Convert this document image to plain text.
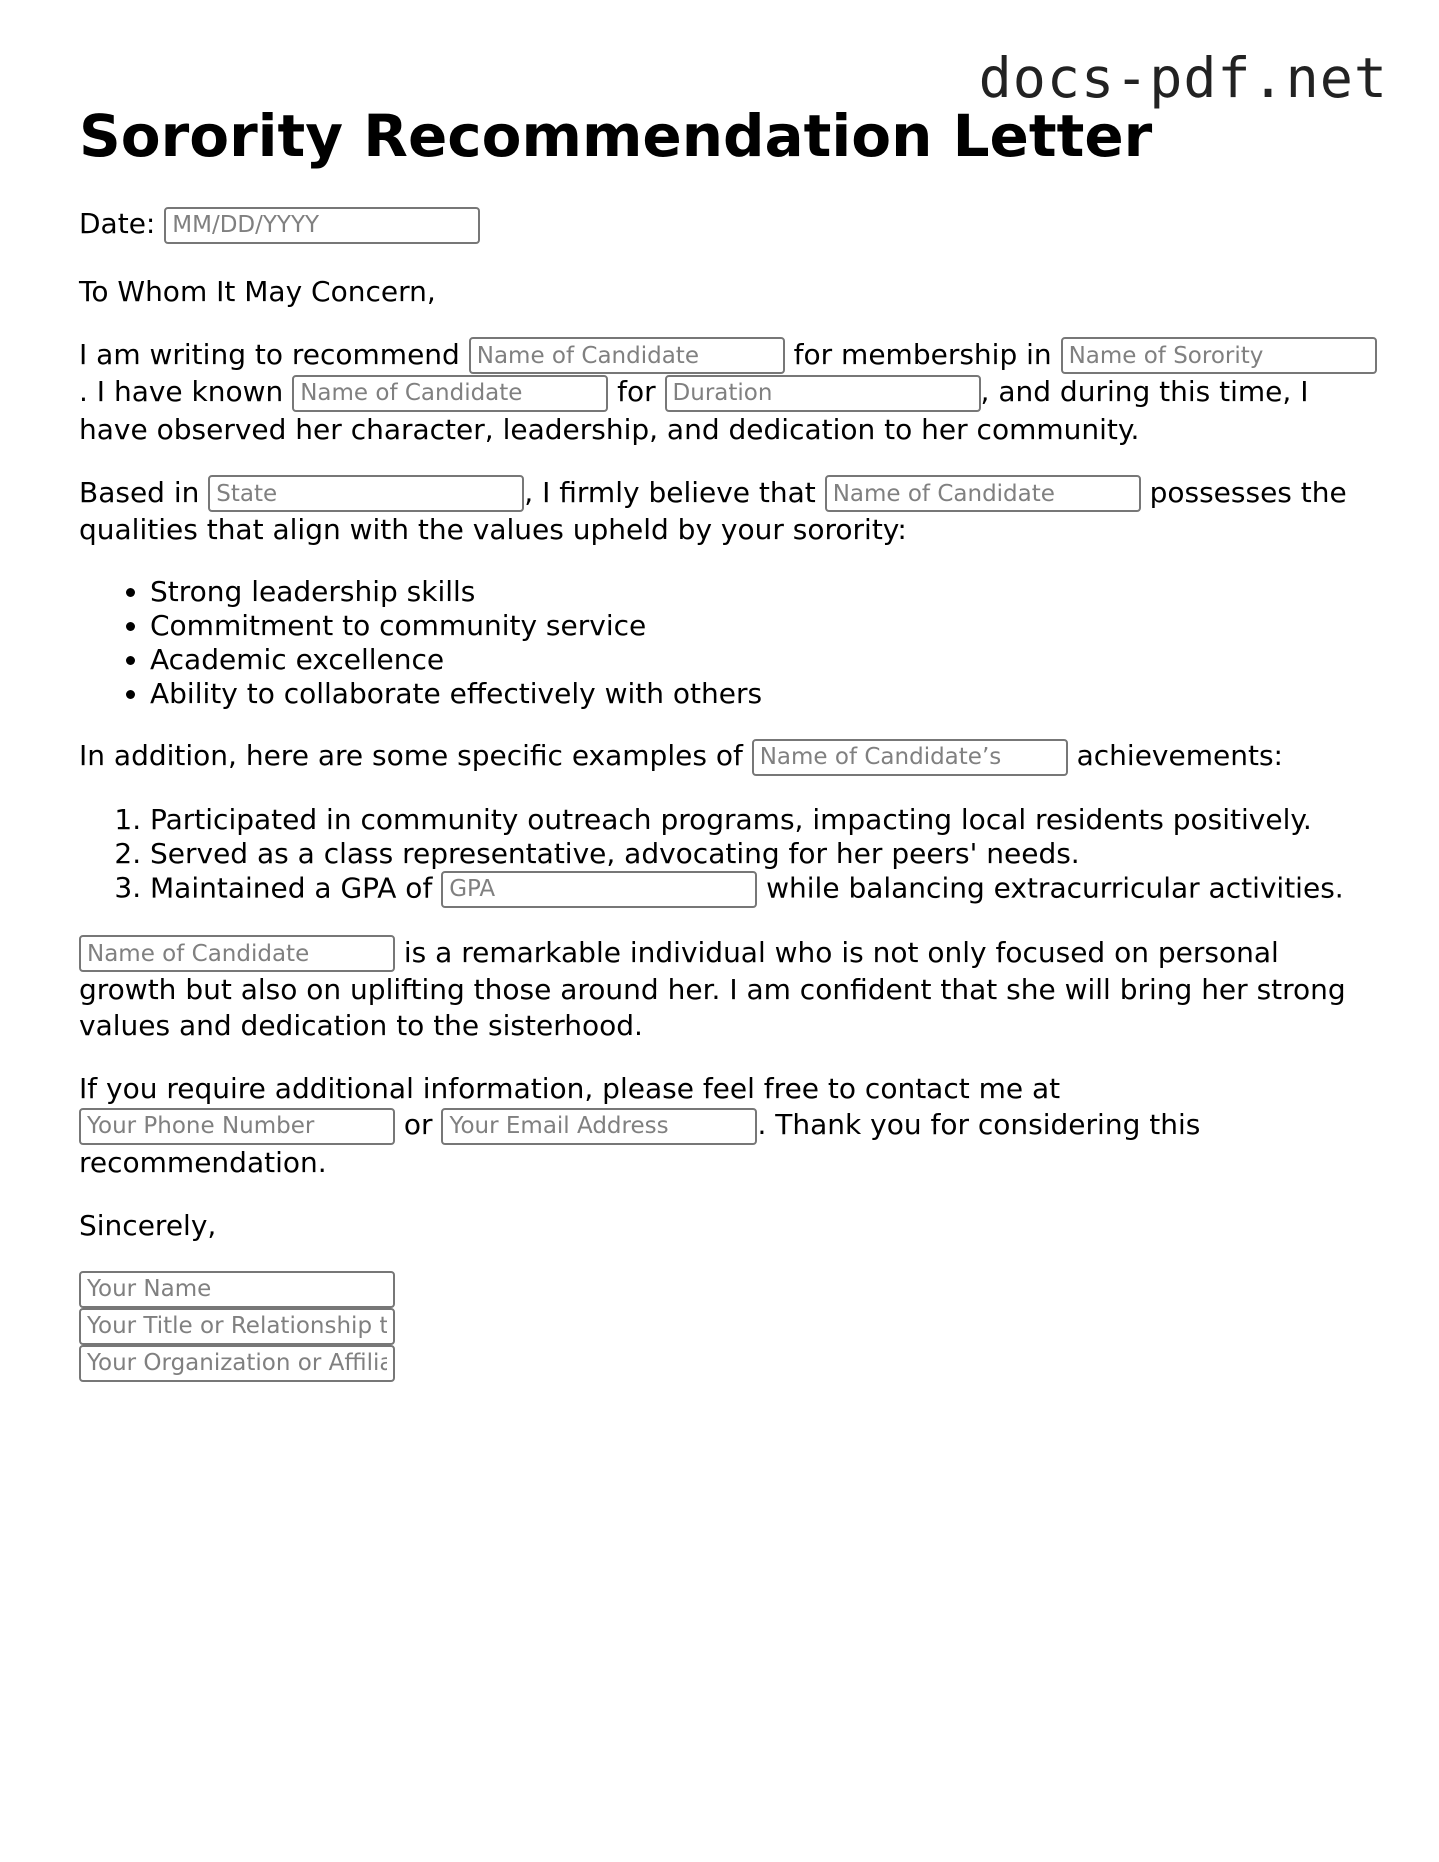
docs-pdf.net
Sorority Recommendation Letter

Date: MM/DD/YYYY

To Whom It May Concern,

I am writing to recommend Name of Candidate	for membership in Name of Sorority. I have known Name of Candidate	for Duration	, and during this time, I have observed her character, leadership, and dedication to her community.

Based in State	, I firmly believe that Name of Candidate	possesses the qualities that align with the values upheld by your sorority:

• Strong leadership skills
• Commitment to community service
• Academic excellence
• Ability to collaborate effectively with others

In addition, here are some specific examples of Name of Candidate’s	achievements:

1. Participated in community outreach programs, impacting local residents positively.
2. Served as a class representative, advocating for her peers' needs.
3. Maintained a GPA of GPA	while balancing extracurricular activities.

Name of Candidate is a remarkable individual who is not only focused on personal growth but also on uplifting those around her. I am confident that she will bring her strong values and dedication to the sisterhood.

If you require additional information, please feel free to contact me at Your Phone Number or Your Email Address	. Thank you for considering this recommendation.

Sincerely,

Your Name
Your Title or Relationship to Candidate
Your Organization or Affiliation
